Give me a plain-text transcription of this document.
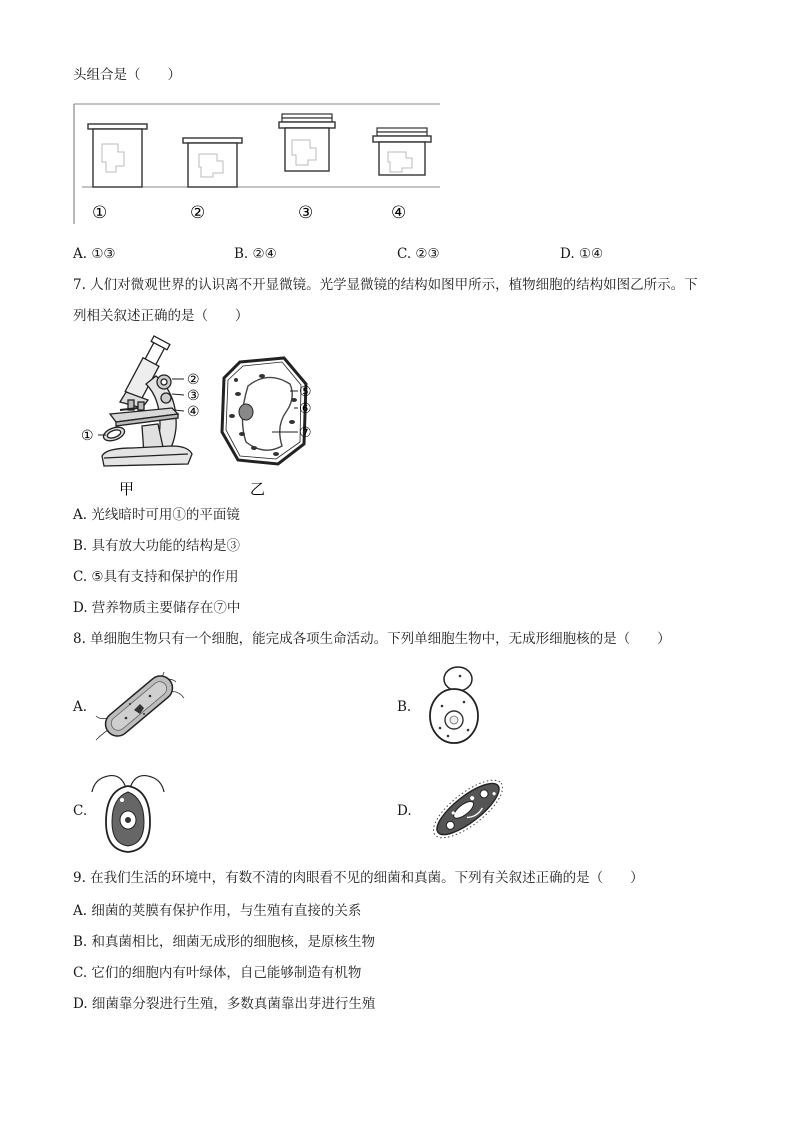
头组合是（　　）
①	②	③	④
A. ①③	B. ②④	C. ②③	D. ①④
7. 人们对微观世界的认识离不开显微镜。光学显微镜的结构如图甲所示，植物细胞的结构如图乙所示。下
列相关叙述正确的是（　　）
②
③
④
①
甲
⑤
⑥
⑦
乙
A. 光线暗时可用①的平面镜
B. 具有放大功能的结构是③
C. ⑤具有支持和保护的作用
D. 营养物质主要储存在⑦中
8. 单细胞生物只有一个细胞，能完成各项生命活动。下列单细胞生物中，无成形细胞核的是（　　）
A.	B.
C.	D.
9. 在我们生活的环境中，有数不清的肉眼看不见的细菌和真菌。下列有关叙述正确的是（　　）
A. 细菌的荚膜有保护作用，与生殖有直接的关系
B. 和真菌相比，细菌无成形的细胞核，是原核生物
C. 它们的细胞内有叶绿体，自己能够制造有机物
D. 细菌靠分裂进行生殖，多数真菌靠出芽进行生殖
